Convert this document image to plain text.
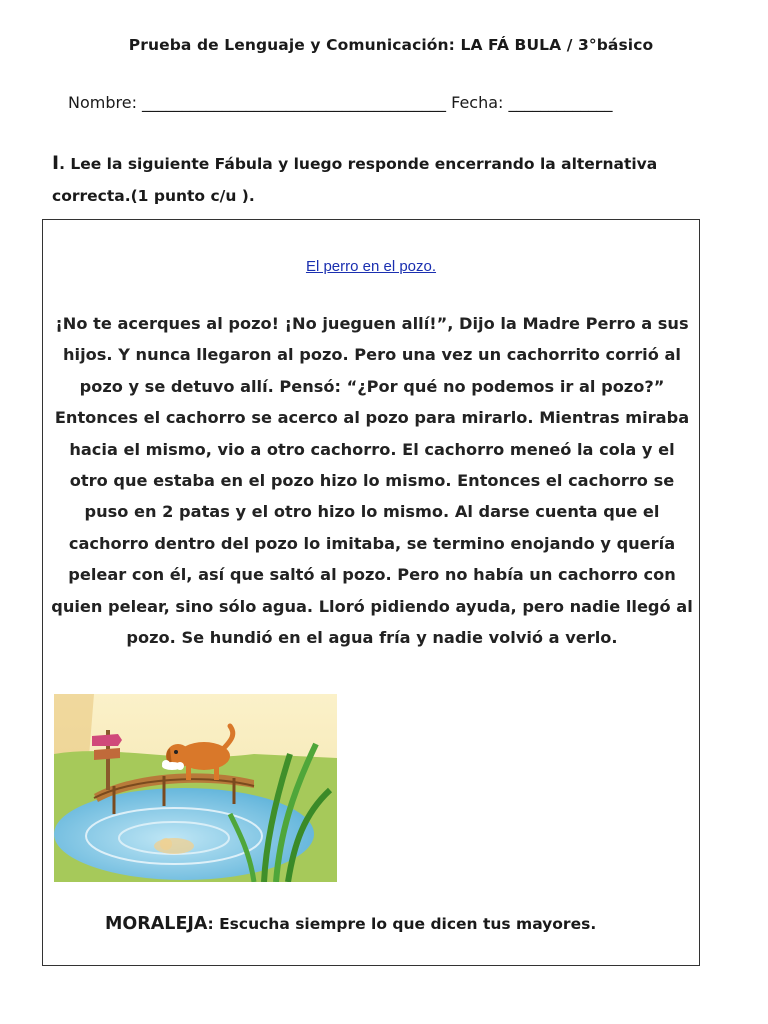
Prueba de Lenguaje y Comunicación: LA FÁ BULA / 3°básico
Nombre: ______________________________________ Fecha: _____________
I. Lee la siguiente Fábula y luego responde encerrando la alternativa correcta.(1 punto c/u ).
El perro en el pozo.
¡No te acerques al pozo! ¡No jueguen allí!”, Dijo la Madre Perro a sus hijos. Y nunca llegaron al pozo. Pero una vez un cachorrito corrió al pozo y se detuvo allí. Pensó: “¿Por qué no podemos ir al pozo?” Entonces el cachorro se acerco al pozo para mirarlo. Mientras miraba hacia el mismo, vio a otro cachorro. El cachorro meneó la cola y el otro que estaba en el pozo hizo lo mismo. Entonces el cachorro se puso en 2 patas y el otro hizo lo mismo. Al darse cuenta que el cachorro dentro del pozo lo imitaba, se termino enojando y quería pelear con él, así que saltó al pozo. Pero no había un cachorro con quien pelear, sino sólo agua. Lloró pidiendo ayuda, pero nadie llegó al pozo. Se hundió en el agua fría y nadie volvió a verlo.
MORALEJA: Escucha siempre lo que dicen tus mayores.
